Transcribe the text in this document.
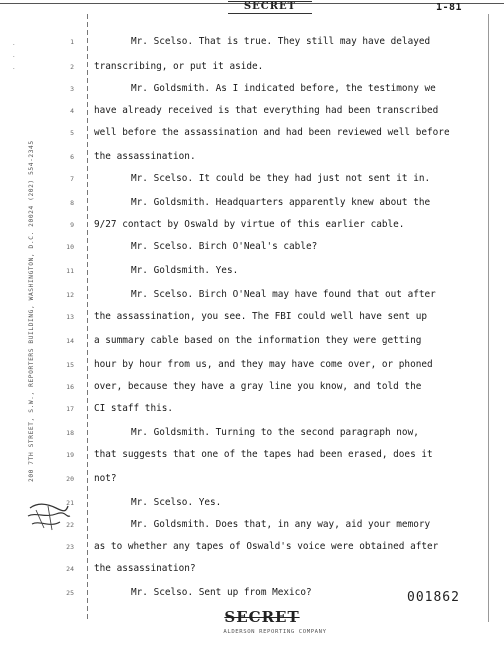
SECRET	1-81
200 7TH STREET, S.W., REPORTERS BUILDING, WASHINGTON, D.C. 20024 (202) 554-2345
.
.
.
1
2
3
4
5
6
7
8
9
10
11
12
13
14
15
16
17
18
19
20
21
22
23
24
25
Mr. Scelso. That is true. They still may have delayed
transcribing, or put it aside.
Mr. Goldsmith. As I indicated before, the testimony we
have already received is that everything had been transcribed
well before the assassination and had been reviewed well before
the assassination.
Mr. Scelso. It could be they had just not sent it in.
Mr. Goldsmith. Headquarters apparently knew about the
9/27 contact by Oswald by virtue of this earlier cable.
Mr. Scelso. Birch O'Neal's cable?
Mr. Goldsmith. Yes.
Mr. Scelso. Birch O'Neal may have found that out after
the assassination, you see. The FBI could well have sent up
a summary cable based on the information they were getting
hour by hour from us, and they may have come over, or phoned
over, because they have a gray line you know, and told the
CI staff this.
Mr. Goldsmith. Turning to the second paragraph now,
that suggests that one of the tapes had been erased, does it
not?
Mr. Scelso. Yes.
Mr. Goldsmith. Does that, in any way, aid your memory
as to whether any tapes of Oswald's voice were obtained after
the assassination?
Mr. Scelso. Sent up from Mexico?	001862
SECRET
ALDERSON REPORTING COMPANY
